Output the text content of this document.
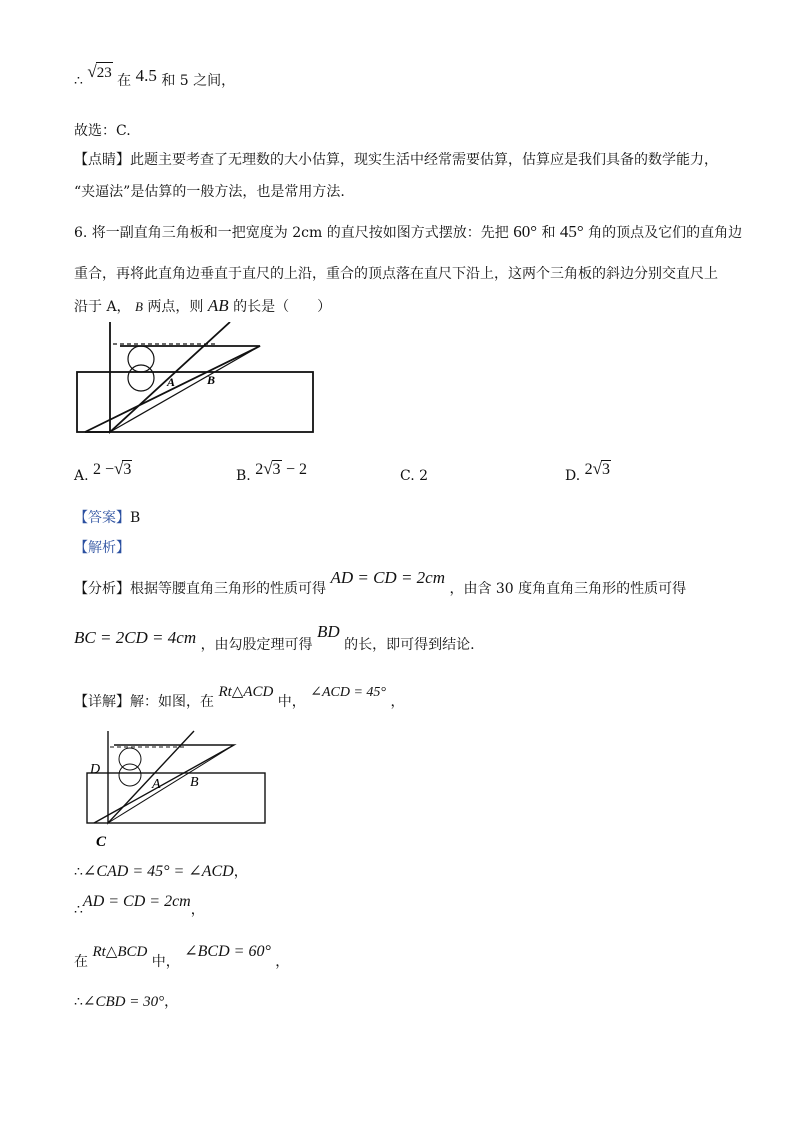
∴ √23 在 4.5 和 5 之间，
故选：C.
【点睛】此题主要考查了无理数的大小估算，现实生活中经常需要估算，估算应是我们具备的数学能力，
“夹逼法”是估算的一般方法，也是常用方法.
6. 将一副直角三角板和一把宽度为 2cm 的直尺按如图方式摆放：先把 60° 和 45° 角的顶点及它们的直角边
重合，再将此直角边垂直于直尺的上沿，重合的顶点落在直尺下沿上，这两个三角板的斜边分别交直尺上
沿于 A， B 两点，则 AB 的长是（　　）
A	B
A. 2 −√3	B. 2√3 − 2	C. 2	D. 2√3
【答案】B
【解析】
【分析】根据等腰直角三角形的性质可得 AD = CD = 2cm ，由含 30 度角直角三角形的性质可得
BC = 2CD = 4cm ，由勾股定理可得 BD 的长，即可得到结论.
【详解】解：如图，在 Rt△ACD 中， ∠ACD = 45° ，
D
A B
C
∴∠CAD = 45° = ∠ACD，
∴AD = CD = 2cm，
在 Rt△BCD 中， ∠BCD = 60° ，
∴∠CBD = 30°，
